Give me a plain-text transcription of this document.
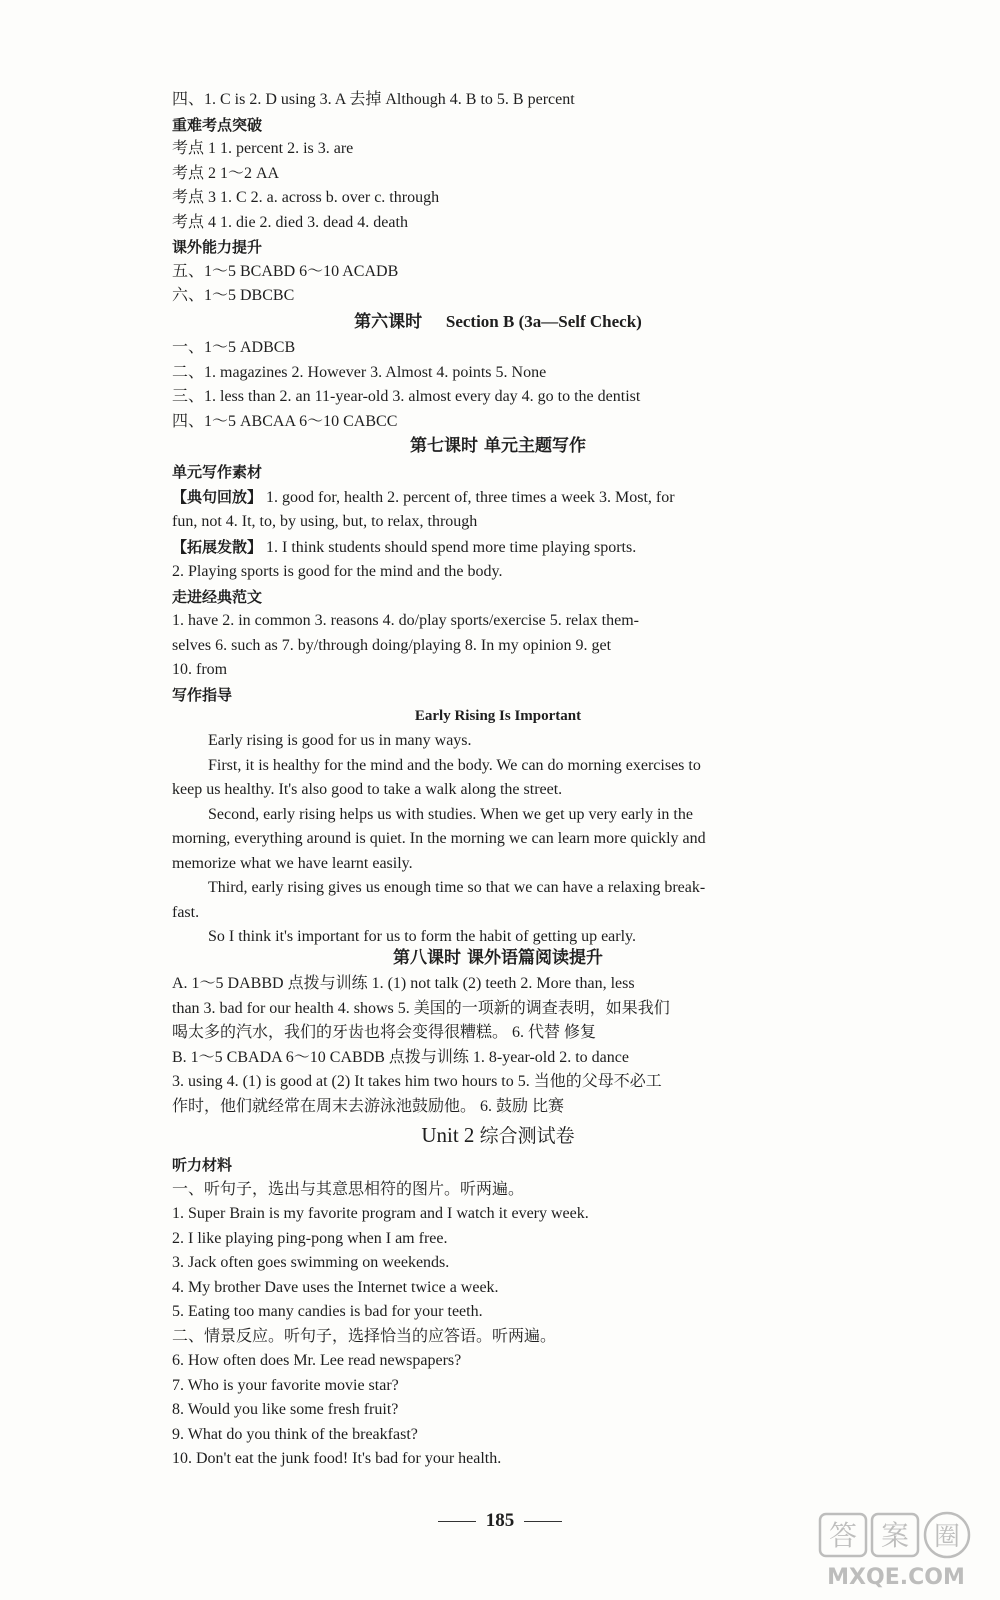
四、1. C is 2. D using 3. A 去掉 Although 4. B to 5. B percent
重难考点突破
考点 1 1. percent 2. is 3. are
考点 2 1～2 AA
考点 3 1. C 2. a. across b. over c. through
考点 4 1. die 2. died 3. dead 4. death
课外能力提升
五、1～5 BCABD 6～10 ACADB
六、1～5 DBCBC
第六课时 Section B (3a—Self Check)
一、1～5 ADBCB
二、1. magazines 2. However 3. Almost 4. points 5. None
三、1. less than 2. an 11-year-old 3. almost every day 4. go to the dentist
四、1～5 ABCAA 6～10 CABCC
第七课时 单元主题写作
单元写作素材
【典句回放】 1. good for, health 2. percent of, three times a week 3. Most, for
fun, not 4. It, to, by using, but, to relax, through
【拓展发散】 1. I think students should spend more time playing sports.
2. Playing sports is good for the mind and the body.
走进经典范文
1. have 2. in common 3. reasons 4. do/play sports/exercise 5. relax them-
selves 6. such as 7. by/through doing/playing 8. In my opinion 9. get
10. from
写作指导
Early Rising Is Important
Early rising is good for us in many ways.
First, it is healthy for the mind and the body. We can do morning exercises to
keep us healthy. It's also good to take a walk along the street.
Second, early rising helps us with studies. When we get up very early in the
morning, everything around is quiet. In the morning we can learn more quickly and
memorize what we have learnt easily.
Third, early rising gives us enough time so that we can have a relaxing break-
fast.
So I think it's important for us to form the habit of getting up early.
第八课时 课外语篇阅读提升
A. 1～5 DABBD 点拨与训练 1. (1) not talk (2) teeth 2. More than, less
than 3. bad for our health 4. shows 5. 美国的一项新的调查表明，如果我们
喝太多的汽水，我们的牙齿也将会变得很糟糕。 6. 代替 修复
B. 1～5 CBADA 6～10 CABDB 点拨与训练 1. 8-year-old 2. to dance
3. using 4. (1) is good at (2) It takes him two hours to 5. 当他的父母不必工
作时，他们就经常在周末去游泳池鼓励他。 6. 鼓励 比赛
Unit 2 综合测试卷
听力材料
一、听句子，选出与其意思相符的图片。听两遍。
1. Super Brain is my favorite program and I watch it every week.
2. I like playing ping-pong when I am free.
3. Jack often goes swimming on weekends.
4. My brother Dave uses the Internet twice a week.
5. Eating too many candies is bad for your teeth.
二、情景反应。听句子，选择恰当的应答语。听两遍。
6. How often does Mr. Lee read newspapers?
7. Who is your favorite movie star?
8. Would you like some fresh fruit?
9. What do you think of the breakfast?
10. Don't eat the junk food! It's bad for your health.
185	答 案 圈
MXQE.COM
